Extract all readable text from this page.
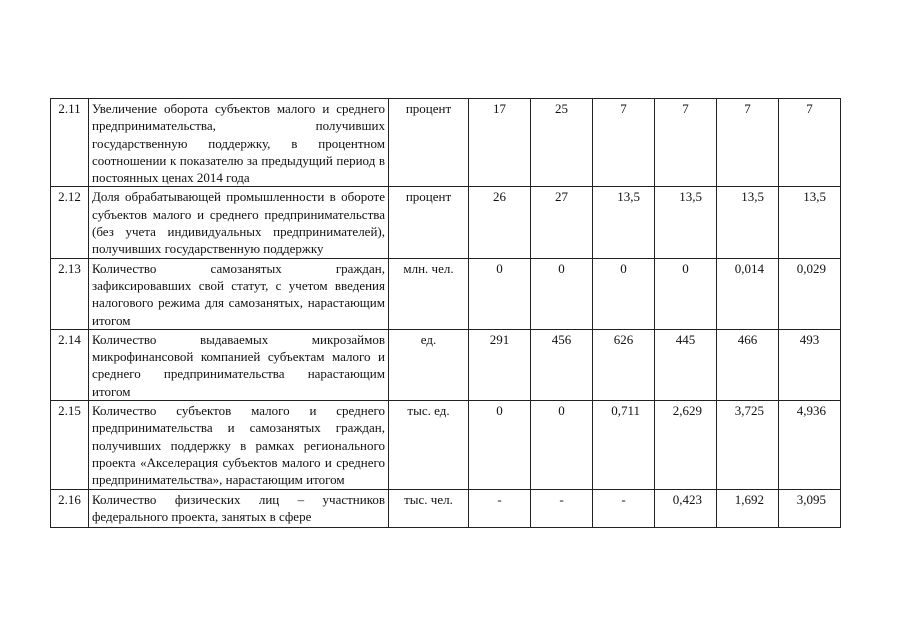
2.11	Увеличение оборота субъектов малого и среднего предпринимательства, получивших государственную поддержку, в процентном соотношении к показателю за предыдущий период в постоянных ценах 2014 года	процент	17	25	7	7	7	7
2.12	Доля обрабатывающей промышленности в обороте субъектов малого и среднего предпринимательства (без учета индивидуальных предпринимателей), получивших государственную поддержку	процент	26	27	13,5	13,5	13,5	13,5
2.13	Количество самозанятых граждан, зафиксировавших свой статут, с учетом введения налогового режима для самозанятых, нарастающим итогом	млн. чел.	0	0	0	0	0,014	0,029
2.14	Количество выдаваемых микрозаймов микрофинансовой компанией субъектам малого и среднего предпринимательства нарастающим итогом	ед.	291	456	626	445	466	493
2.15	Количество субъектов малого и среднего предпринимательства и самозанятых граждан, получивших поддержку в рамках регионального проекта «Акселерация субъектов малого и среднего предпринимательства», нарастающим итогом	тыс. ед.	0	0	0,711	2,629	3,725	4,936
2.16	Количество физических лиц – участников федерального проекта, занятых в сфере	тыс. чел.	-	-	-	0,423	1,692	3,095
